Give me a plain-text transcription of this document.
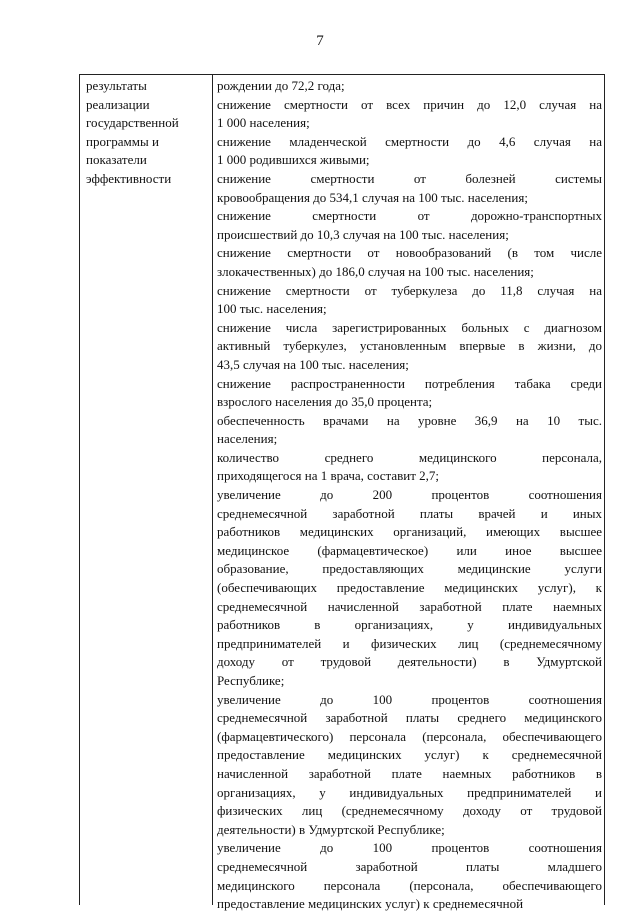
7
результаты
реализации
государственной
программы и
показатели
эффективности
рождении до 72,2 года;
снижение смертности от всех причин до 12,0 случая на
1 000 населения;
снижение младенческой смертности до 4,6 случая на
1 000 родившихся живыми;
снижение смертности от болезней системы
кровообращения до 534,1 случая на 100 тыс. населения;
снижение смертности от дорожно-транспортных
происшествий до 10,3 случая на 100 тыс. населения;
снижение смертности от новообразований (в том числе
злокачественных) до 186,0 случая на 100 тыс. населения;
снижение смертности от туберкулеза до 11,8 случая на
100 тыс. населения;
снижение числа зарегистрированных больных с диагнозом
активный туберкулез, установленным впервые в жизни, до
43,5 случая на 100 тыс. населения;
снижение распространенности потребления табака среди
взрослого населения до 35,0 процента;
обеспеченность врачами на уровне 36,9 на 10 тыс.
населения;
количество среднего медицинского персонала,
приходящегося на 1 врача, составит 2,7;
увеличение до 200 процентов соотношения
среднемесячной заработной платы врачей и иных
работников медицинских организаций, имеющих высшее
медицинское (фармацевтическое) или иное высшее
образование, предоставляющих медицинские услуги
(обеспечивающих предоставление медицинских услуг), к
среднемесячной начисленной заработной плате наемных
работников в организациях, у индивидуальных
предпринимателей и физических лиц (среднемесячному
доходу от трудовой деятельности) в Удмуртской
Республике;
увеличение до 100 процентов соотношения
среднемесячной заработной платы среднего медицинского
(фармацевтического) персонала (персонала, обеспечивающего
предоставление медицинских услуг) к среднемесячной
начисленной заработной плате наемных работников в
организациях, у индивидуальных предпринимателей и
физических лиц (среднемесячному доходу от трудовой
деятельности) в Удмуртской Республике;
увеличение до 100 процентов соотношения
среднемесячной заработной платы младшего
медицинского персонала (персонала, обеспечивающего
предоставление медицинских услуг) к среднемесячной
